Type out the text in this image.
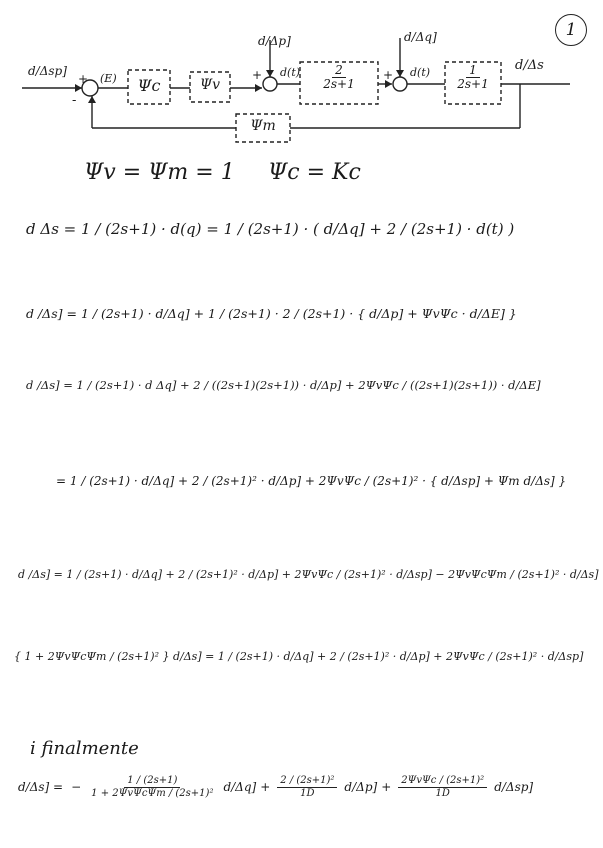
1
d/Δsp]
(E)
-
+	Ψc	Ψv
+
d/Δp]
$d(t) \frac{2}{2s+1}$ +
d/Δq]
$d(t) \frac{1}{2s+1} d/\Delta s$
Ψm
Ψv = Ψm = 1 Ψc = Kc
d Δs = 1 / (2s+1) · d(q) = 1 / (2s+1) · ( d/Δq] + 2 / (2s+1) · d(t) )
d /Δs] = 1 / (2s+1) · d/Δq] + 1 / (2s+1) · 2 / (2s+1) · { d/Δp] + ΨvΨc · d/ΔE] }
d /Δs] = 1 / (2s+1) · d Δq] + 2 / ((2s+1)(2s+1)) · d/Δp] + 2ΨvΨc / ((2s+1)(2s+1)) · d/ΔE]
= 1 / (2s+1) · d/Δq] + 2 / (2s+1)² · d/Δp] + 2ΨvΨc / (2s+1)² · { d/Δsp] + Ψm d/Δs] }
d /Δs] = 1 / (2s+1) · d/Δq] + 2 / (2s+1)² · d/Δp] + 2ΨvΨc / (2s+1)² · d/Δsp] − 2ΨvΨcΨm / (2s+1)² · d/Δs]
{ 1 + 2ΨvΨcΨm / (2s+1)² } d/Δs] = 1 / (2s+1) · d/Δq] + 2 / (2s+1)² · d/Δp] + 2ΨvΨc / (2s+1)² · d/Δsp]
i finalmente
d/Δs] = − $\frac{1 / (2s+1)}{\text{1 + 2ΨvΨcΨm / (2s+1)²}} d/\Delta q] + \frac{\text{2 / (2s+1)²}}{1D} d/\Delta p] + \frac{\text{2ΨvΨc / (2s+1)²}}{1D} d/\Delta sp$]
